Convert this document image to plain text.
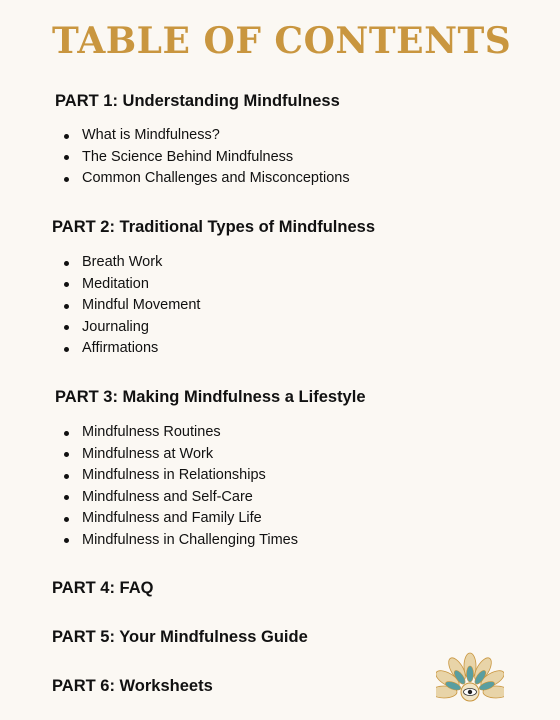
TABLE OF CONTENTS
PART 1: Understanding Mindfulness
What is Mindfulness?
The Science Behind Mindfulness
Common Challenges and Misconceptions
PART 2: Traditional Types of Mindfulness
Breath Work
Meditation
Mindful Movement
Journaling
Affirmations
PART 3: Making Mindfulness a Lifestyle
Mindfulness Routines
Mindfulness at Work
Mindfulness in Relationships
Mindfulness and Self-Care
Mindfulness and Family Life
Mindfulness in Challenging Times
PART 4: FAQ
PART 5: Your Mindfulness Guide
PART 6: Worksheets
